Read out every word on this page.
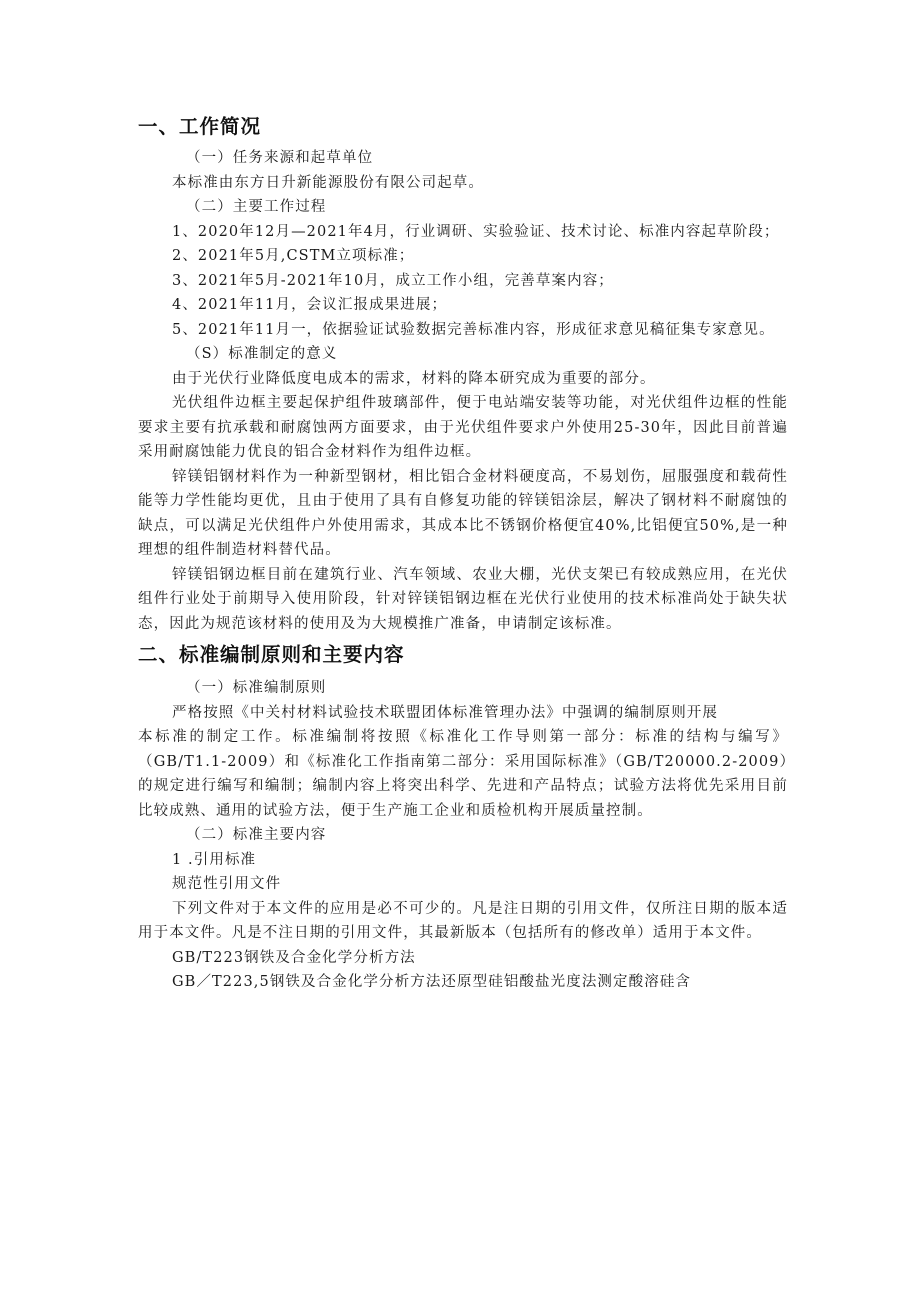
一、工作简况

（一）任务来源和起草单位

本标准由东方日升新能源股份有限公司起草。

（二）主要工作过程

1、2020年12月—2021年4月，行业调研、实验验证、技术讨论、标准内容起草阶段；

2、2021年5月,CSTM立项标准；

3、2021年5月-2021年10月，成立工作小组，完善草案内容；

4、2021年11月，会议汇报成果进展；

5、2021年11月一，依据验证试验数据完善标准内容，形成征求意见稿征集专家意见。

（S）标准制定的意义

由于光伏行业降低度电成本的需求，材料的降本研究成为重要的部分。

光伏组件边框主要起保护组件玻璃部件，便于电站端安装等功能，对光伏组件边框的性能要求主要有抗承载和耐腐蚀两方面要求，由于光伏组件要求户外使用25-30年，因此目前普遍采用耐腐蚀能力优良的铝合金材料作为组件边框。

锌镁铝钢材料作为一种新型钢材，相比铝合金材料硬度高，不易划伤，屈服强度和载荷性能等力学性能均更优，且由于使用了具有自修复功能的锌镁铝涂层，解决了钢材料不耐腐蚀的缺点，可以满足光伏组件户外使用需求，其成本比不锈钢价格便宜40%,比铝便宜50%,是一种理想的组件制造材料替代品。

锌镁铝钢边框目前在建筑行业、汽车领域、农业大棚，光伏支架已有较成熟应用，在光伏组件行业处于前期导入使用阶段，针对锌镁铝钢边框在光伏行业使用的技术标准尚处于缺失状态，因此为规范该材料的使用及为大规模推广准备，申请制定该标准。

二、标准编制原则和主要内容

（一）标准编制原则

严格按照《中关村材料试验技术联盟团体标准管理办法》中强调的编制原则开展

本标准的制定工作。标准编制将按照《标准化工作导则第一部分：标准的结构与编写》（GB/T1.1-2009）和《标准化工作指南第二部分：采用国际标准》（GB/T20000.2-2009）的规定进行编写和编制；编制内容上将突出科学、先进和产品特点；试验方法将优先采用目前比较成熟、通用的试验方法，便于生产施工企业和质检机构开展质量控制。

（二）标准主要内容

1 .引用标准

规范性引用文件

下列文件对于本文件的应用是必不可少的。凡是注日期的引用文件，仅所注日期的版本适用于本文件。凡是不注日期的引用文件，其最新版本（包括所有的修改单）适用于本文件。

GB/T223钢铁及合金化学分析方法

GB／T223,5钢铁及合金化学分析方法还原型硅铝酸盐光度法测定酸溶硅含
